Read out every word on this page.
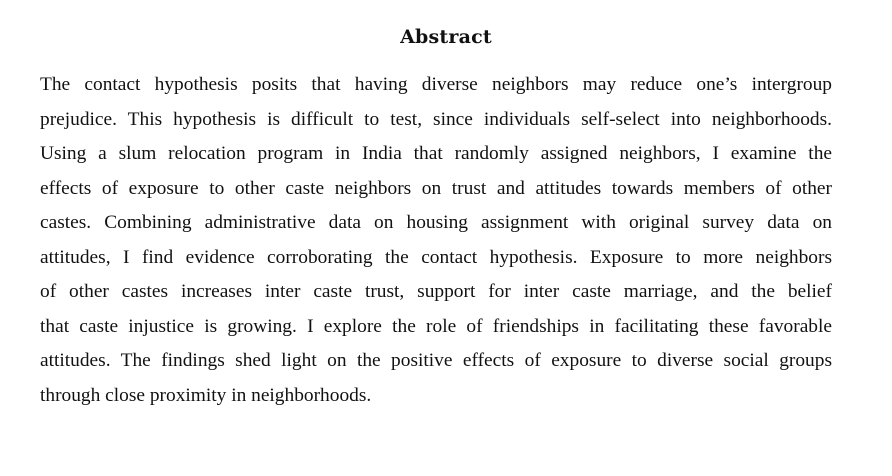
Abstract
The contact hypothesis posits that having diverse neighbors may reduce one’s intergroup
prejudice. This hypothesis is difficult to test, since individuals self-select into neighborhoods.
Using a slum relocation program in India that randomly assigned neighbors, I examine the
effects of exposure to other caste neighbors on trust and attitudes towards members of other
castes. Combining administrative data on housing assignment with original survey data on
attitudes, I find evidence corroborating the contact hypothesis. Exposure to more neighbors
of other castes increases inter caste trust, support for inter caste marriage, and the belief
that caste injustice is growing. I explore the role of friendships in facilitating these favorable
attitudes. The findings shed light on the positive effects of exposure to diverse social groups
through close proximity in neighborhoods.
